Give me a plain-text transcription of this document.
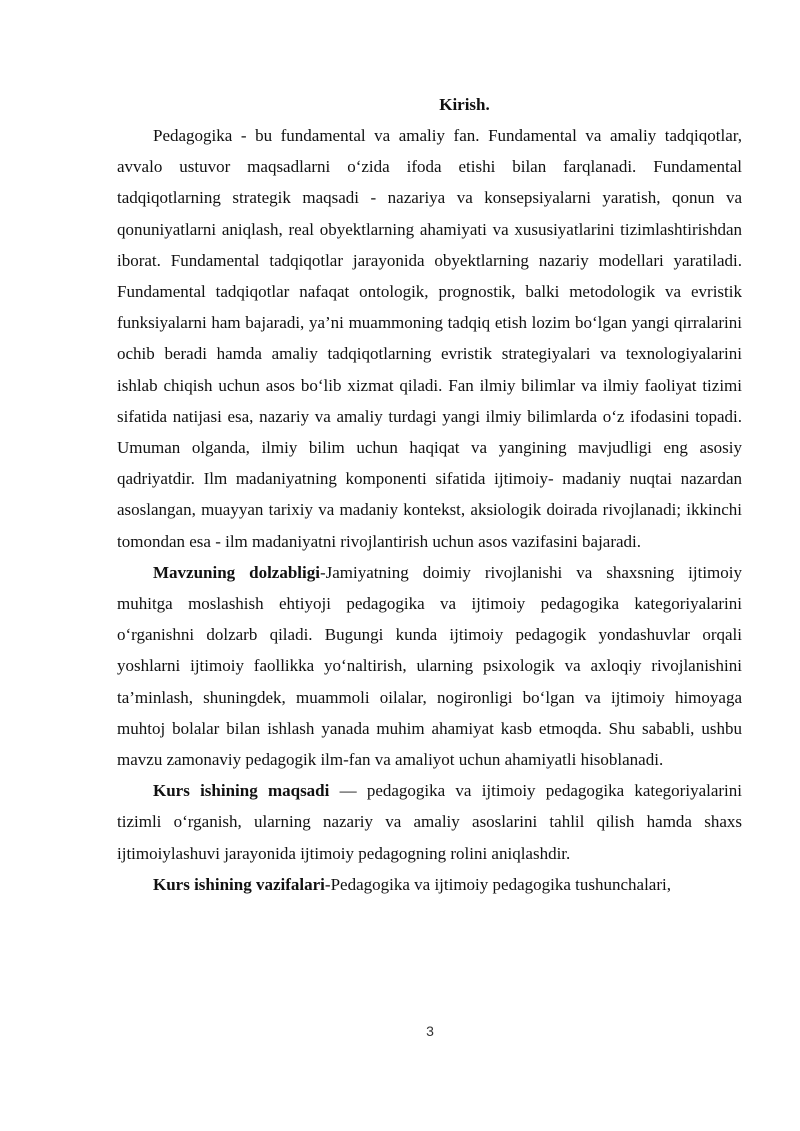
Kirish.

Pedagogika - bu fundamental va amaliy fan. Fundamental va amaliy tadqiqotlar, avvalo ustuvor maqsadlarni o‘zida ifoda etishi bilan farqlanadi. Fundamental tadqiqotlarning strategik maqsadi - nazariya va konsepsiyalarni yaratish, qonun va qonuniyatlarni aniqlash, real obyektlarning ahamiyati va xususiyatlarini tizimlashtirishdan iborat. Fundamental tadqiqotlar jarayonida obyektlarning nazariy modellari yaratiladi. Fundamental tadqiqotlar nafaqat ontologik, prognostik, balki metodologik va evristik funksiyalarni ham bajaradi, ya’ni muammoning tadqiq etish lozim bo‘lgan yangi qirralarini ochib beradi hamda amaliy tadqiqotlarning evristik strategiyalari va texnologiyalarini ishlab chiqish uchun asos bo‘lib xizmat qiladi. Fan ilmiy bilimlar va ilmiy faoliyat tizimi sifatida natijasi esa, nazariy va amaliy turdagi yangi ilmiy bilimlarda o‘z ifodasini topadi. Umuman olganda, ilmiy bilim uchun haqiqat va yangining mavjudligi eng asosiy qadriyatdir. Ilm madaniyatning komponenti sifatida ijtimoiy- madaniy nuqtai nazardan asoslangan, muayyan tarixiy va madaniy kontekst, aksiologik doirada rivojlanadi; ikkinchi tomondan esa - ilm madaniyatni rivojlantirish uchun asos vazifasini bajaradi.

Mavzuning dolzabligi-Jamiyatning doimiy rivojlanishi va shaxsning ijtimoiy muhitga moslashish ehtiyoji pedagogika va ijtimoiy pedagogika kategoriyalarini o‘rganishni dolzarb qiladi. Bugungi kunda ijtimoiy pedagogik yondashuvlar orqali yoshlarni ijtimoiy faollikka yo‘naltirish, ularning psixologik va axloqiy rivojlanishini ta’minlash, shuningdek, muammoli oilalar, nogironligi bo‘lgan va ijtimoiy himoyaga muhtoj bolalar bilan ishlash yanada muhim ahamiyat kasb etmoqda. Shu sababli, ushbu mavzu zamonaviy pedagogik ilm-fan va amaliyot uchun ahamiyatli hisoblanadi.

Kurs ishining maqsadi — pedagogika va ijtimoiy pedagogika kategoriyalarini tizimli o‘rganish, ularning nazariy va amaliy asoslarini tahlil qilish hamda shaxs ijtimoiylashuvi jarayonida ijtimoiy pedagogning rolini aniqlashdir.

Kurs ishining vazifalari-Pedagogika va ijtimoiy pedagogika tushunchalari,

3
